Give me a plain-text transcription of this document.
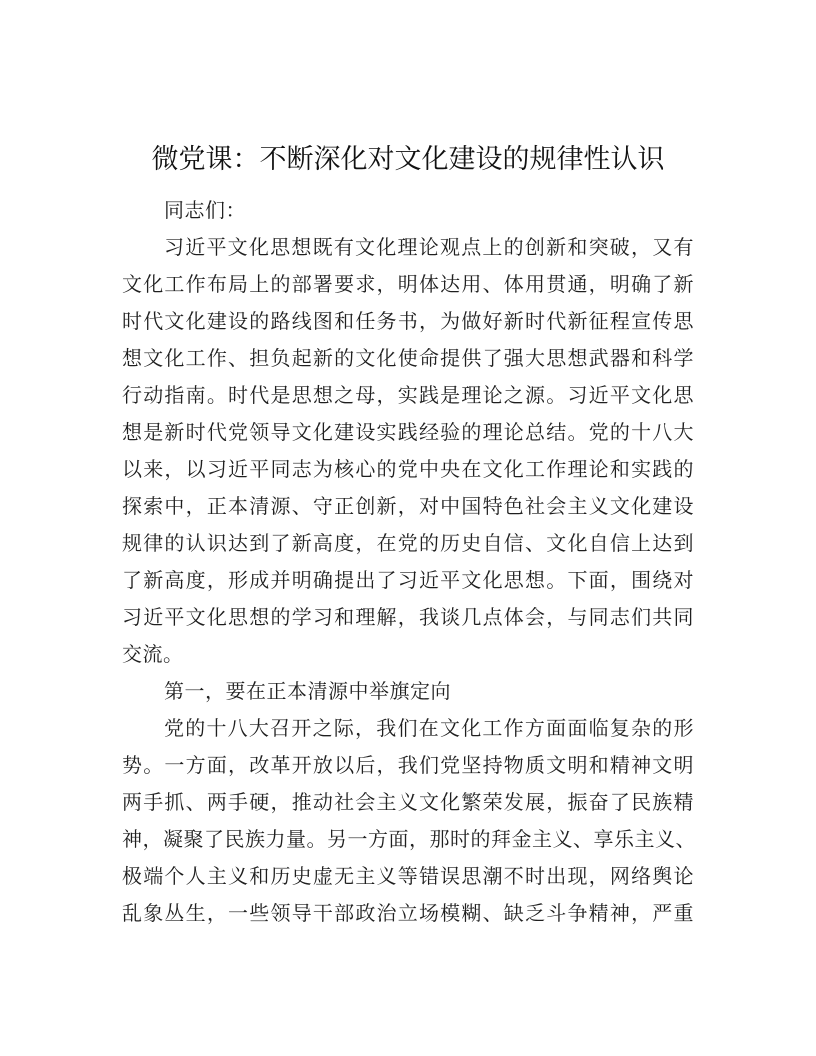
微党课：不断深化对文化建设的规律性认识
同志们：
习近平文化思想既有文化理论观点上的创新和突破，又有
文化工作布局上的部署要求，明体达用、体用贯通，明确了新
时代文化建设的路线图和任务书，为做好新时代新征程宣传思
想文化工作、担负起新的文化使命提供了强大思想武器和科学
行动指南。时代是思想之母，实践是理论之源。习近平文化思
想是新时代党领导文化建设实践经验的理论总结。党的十八大
以来，以习近平同志为核心的党中央在文化工作理论和实践的
探索中，正本清源、守正创新，对中国特色社会主义文化建设
规律的认识达到了新高度，在党的历史自信、文化自信上达到
了新高度，形成并明确提出了习近平文化思想。下面，围绕对
习近平文化思想的学习和理解，我谈几点体会，与同志们共同
交流。
第一，要在正本清源中举旗定向
党的十八大召开之际，我们在文化工作方面面临复杂的形
势。一方面，改革开放以后，我们党坚持物质文明和精神文明
两手抓、两手硬，推动社会主义文化繁荣发展，振奋了民族精
神，凝聚了民族力量。另一方面，那时的拜金主义、享乐主义、
极端个人主义和历史虚无主义等错误思潮不时出现，网络舆论
乱象丛生，一些领导干部政治立场模糊、缺乏斗争精神，严重
